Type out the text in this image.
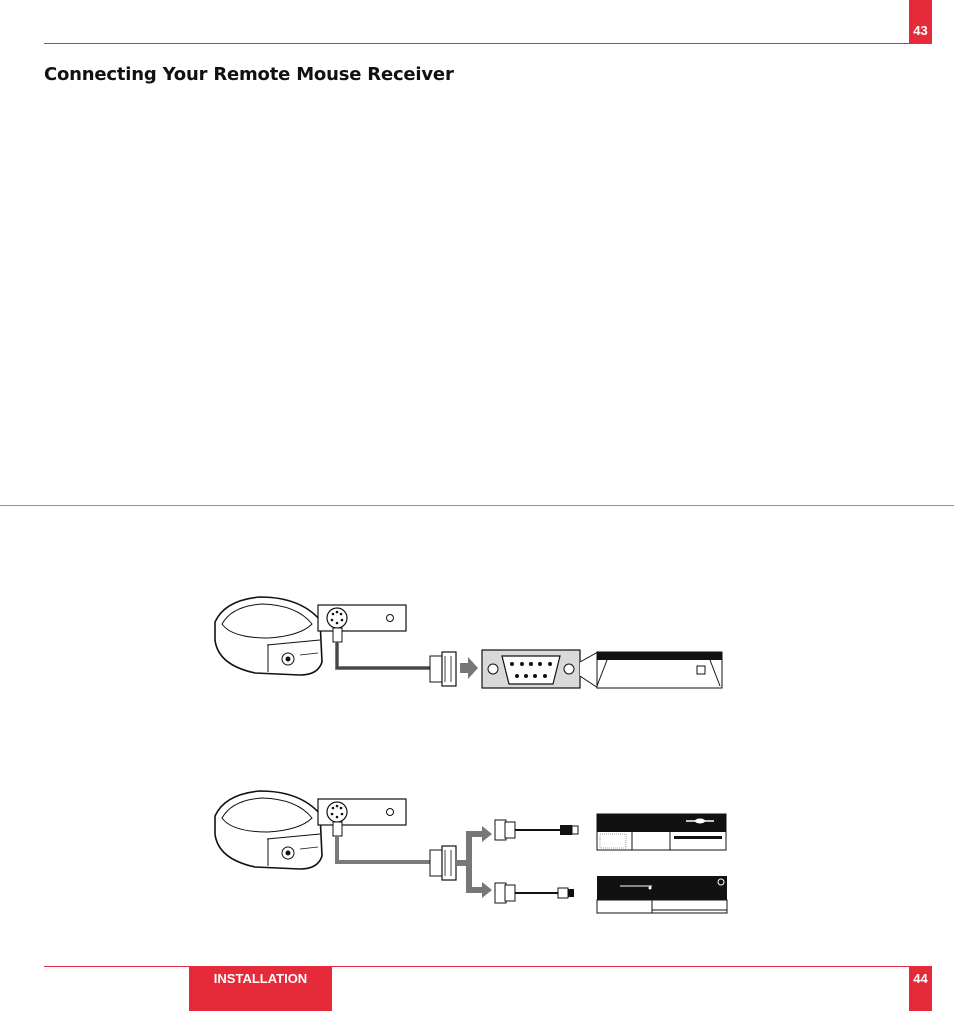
43
Connecting Your Remote Mouse Receiver
INSTALLATION	44
